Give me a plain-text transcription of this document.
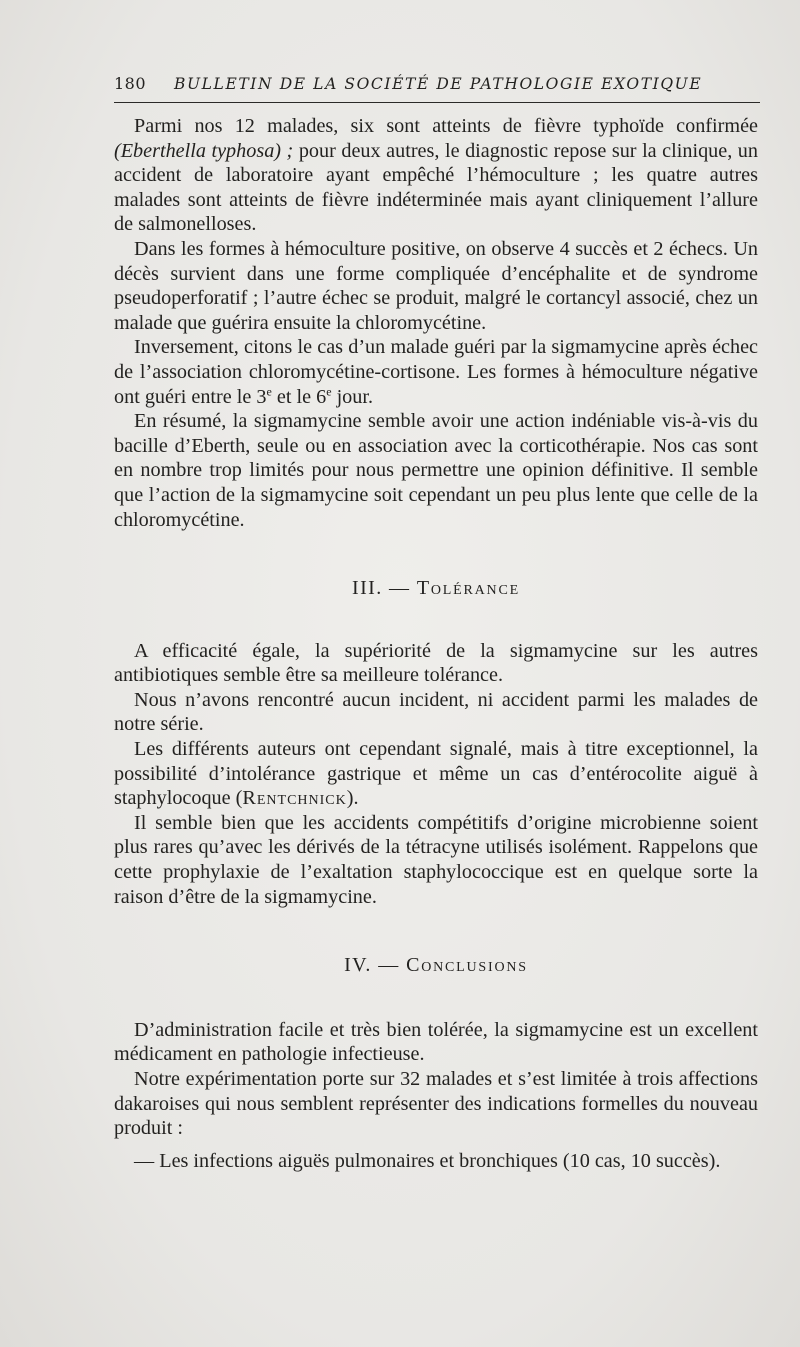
180 BULLETIN DE LA SOCIÉTÉ DE PATHOLOGIE EXOTIQUE

Parmi nos 12 malades, six sont atteints de fièvre typhoïde confirmée (Eberthella typhosa) ; pour deux autres, le diagnostic repose sur la clinique, un accident de laboratoire ayant empêché l’hémoculture ; les quatre autres malades sont atteints de fièvre indéterminée mais ayant cliniquement l’allure de salmonelloses.

Dans les formes à hémoculture positive, on observe 4 succès et 2 échecs. Un décès survient dans une forme compliquée d’encéphalite et de syndrome pseudoperforatif ; l’autre échec se produit, malgré le cortancyl associé, chez un malade que guérira ensuite la chloromycétine.

Inversement, citons le cas d’un malade guéri par la sigmamycine après échec de l’association chloromycétine-cortisone. Les formes à hémoculture négative ont guéri entre le 3e et le 6e jour.

En résumé, la sigmamycine semble avoir une action indéniable vis-à-vis du bacille d’Eberth, seule ou en association avec la corticothérapie. Nos cas sont en nombre trop limités pour nous permettre une opinion définitive. Il semble que l’action de la sigmamycine soit cependant un peu plus lente que celle de la chloromycétine.

III. — Tolérance

A efficacité égale, la supériorité de la sigmamycine sur les autres antibiotiques semble être sa meilleure tolérance.

Nous n’avons rencontré aucun incident, ni accident parmi les malades de notre série.

Les différents auteurs ont cependant signalé, mais à titre exceptionnel, la possibilité d’intolérance gastrique et même un cas d’entérocolite aiguë à staphylocoque (Rentchnick).

Il semble bien que les accidents compétitifs d’origine microbienne soient plus rares qu’avec les dérivés de la tétracyne utilisés isolément. Rappelons que cette prophylaxie de l’exaltation staphylococcique est en quelque sorte la raison d’être de la sigmamycine.

IV. — Conclusions

D’administration facile et très bien tolérée, la sigmamycine est un excellent médicament en pathologie infectieuse.

Notre expérimentation porte sur 32 malades et s’est limitée à trois affections dakaroises qui nous semblent représenter des indications formelles du nouveau produit :

— Les infections aiguës pulmonaires et bronchiques (10 cas, 10 succès).
